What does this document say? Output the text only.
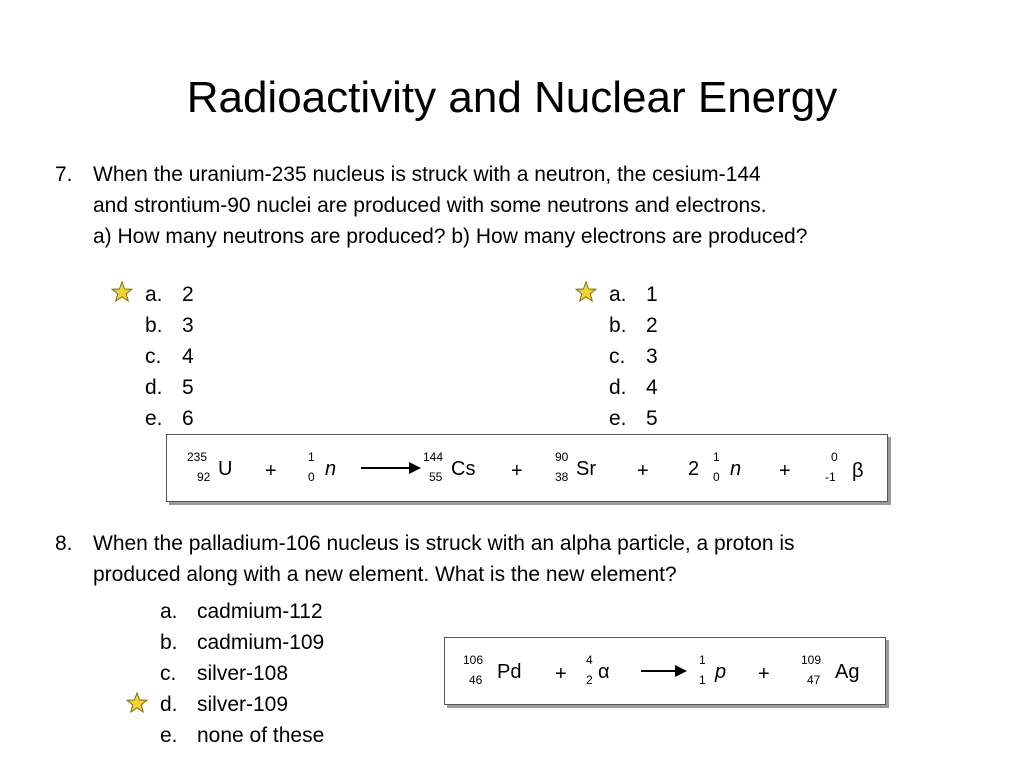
Radioactivity and Nuclear Energy
7. When the uranium-235 nucleus is struck with a neutron, the cesium-144
and strontium-90 nuclei are produced with some neutrons and electrons.
a) How many neutrons are produced? b) How many electrons are produced?
a. 2
b. 3
c. 4
d. 5
e. 6
a. 1
b. 2
c. 3
d. 4
e. 5
235
92 U +
1
0 n
144
55 Cs +
90
38 Sr + 2
1
0 n +
0
-1 β
8. When the palladium-106 nucleus is struck with an alpha particle, a proton is
produced along with a new element. What is the new element?
a. cadmium-112
b. cadmium-109
c. silver-108
d. silver-109
e. none of these
106
46 Pd +
4
2 α
1
1 p +
109
47 Ag
